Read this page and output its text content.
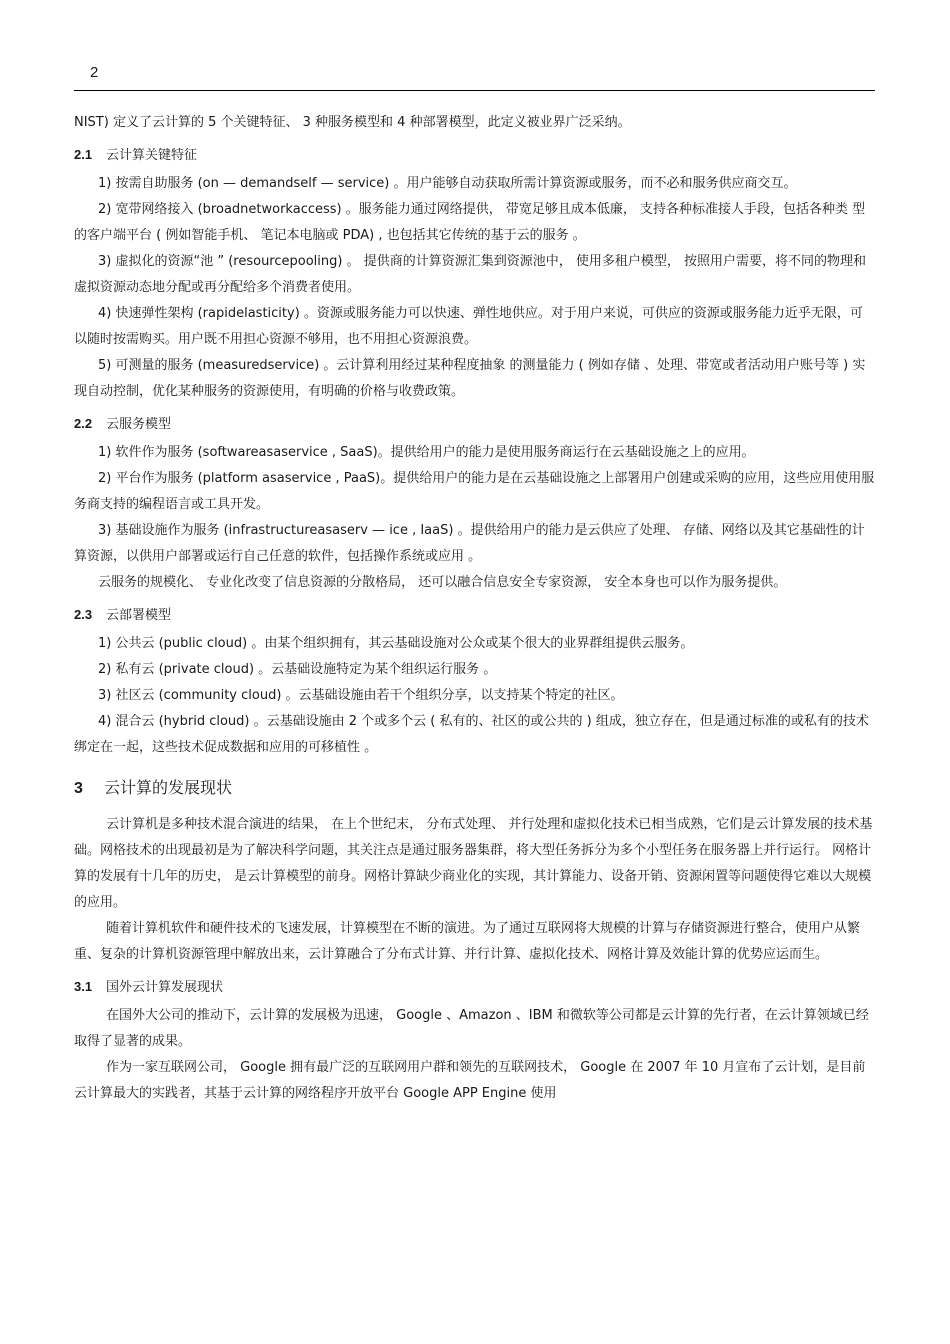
2

NIST) 定义了云计算的 5 个关键特征、 3 种服务模型和 4 种部署模型，此定义被业界广泛采纳。

2.1 云计算关键特征

1) 按需自助服务 (on — demandself — service) 。用户能够自动获取所需计算资源或服务，而不必和服务供应商交互。

2) 宽带网络接入 (broadnetworkaccess) 。服务能力通过网络提供， 带宽足够且成本低廉， 支持各种标准接人手段，包括各种类 型的客户端平台 ( 例如智能手机、 笔记本电脑或 PDA) , 也包括其它传统的基于云的服务 。

3) 虚拟化的资源“池 ” (resourcepooling) 。 提供商的计算资源汇集到资源池中， 使用多租户模型， 按照用户需要，将不同的物理和虚拟资源动态地分配或再分配给多个消费者使用。

4) 快速弹性架构 (rapidelasticity) 。资源或服务能力可以快速、弹性地供应。对于用户来说，可供应的资源或服务能力近乎无限，可以随时按需购买。用户既不用担心资源不够用，也不用担心资源浪费。

5) 可测量的服务 (measuredservice) 。云计算利用经过某种程度抽象 的测量能力 ( 例如存储 、处理、带宽或者活动用户账号等 ) 实现自动控制，优化某种服务的资源使用，有明确的价格与收费政策。

2.2 云服务模型

1) 软件作为服务 (softwareasaservice , SaaS)。提供给用户的能力是使用服务商运行在云基础设施之上的应用。

2) 平台作为服务 (platform asaservice , PaaS)。提供给用户的能力是在云基础设施之上部署用户创建或采购的应用，这些应用使用服务商支持的编程语言或工具开发。

3) 基础设施作为服务 (infrastructureasaserv — ice , IaaS) 。提供给用户的能力是云供应了处理、 存储、网络以及其它基础性的计算资源，以供用户部署或运行自己任意的软件，包括操作系统或应用 。

云服务的规模化、 专业化改变了信息资源的分散格局， 还可以融合信息安全专家资源， 安全本身也可以作为服务提供。

2.3 云部署模型

1) 公共云 (public cloud) 。由某个组织拥有，其云基础设施对公众或某个很大的业界群组提供云服务。

2) 私有云 (private cloud) 。云基础设施特定为某个组织运行服务 。

3) 社区云 (community cloud) 。云基础设施由若干个组织分享，以支持某个特定的社区。

4) 混合云 (hybrid cloud) 。云基础设施由 2 个或多个云 ( 私有的、社区的或公共的 ) 组成，独立存在，但是通过标准的或私有的技术绑定在一起，这些技术促成数据和应用的可移植性 。

3 云计算的发展现状

云计算机是多种技术混合演进的结果， 在上个世纪末， 分布式处理、 并行处理和虚拟化技术已相当成熟，它们是云计算发展的技术基础。网格技术的出现最初是为了解决科学问题，其关注点是通过服务器集群，将大型任务拆分为多个小型任务在服务器上并行运行。 网格计算的发展有十几年的历史， 是云计算模型的前身。网格计算缺少商业化的实现，其计算能力、设备开销、资源闲置等问题使得它难以大规模的应用。

随着计算机软件和硬件技术的飞速发展，计算模型在不断的演进。为了通过互联网将大规模的计算与存储资源进行整合，使用户从繁重、复杂的计算机资源管理中解放出来，云计算融合了分布式计算、并行计算、虚拟化技术、网格计算及效能计算的优势应运而生。

3.1 国外云计算发展现状

在国外大公司的推动下，云计算的发展极为迅速， Google 、Amazon 、IBM 和微软等公司都是云计算的先行者，在云计算领域已经取得了显著的成果。

作为一家互联网公司， Google 拥有最广泛的互联网用户群和领先的互联网技术， Google 在 2007 年 10 月宣布了云计划，是目前云计算最大的实践者，其基于云计算的网络程序开放平台 Google APP Engine 使用
